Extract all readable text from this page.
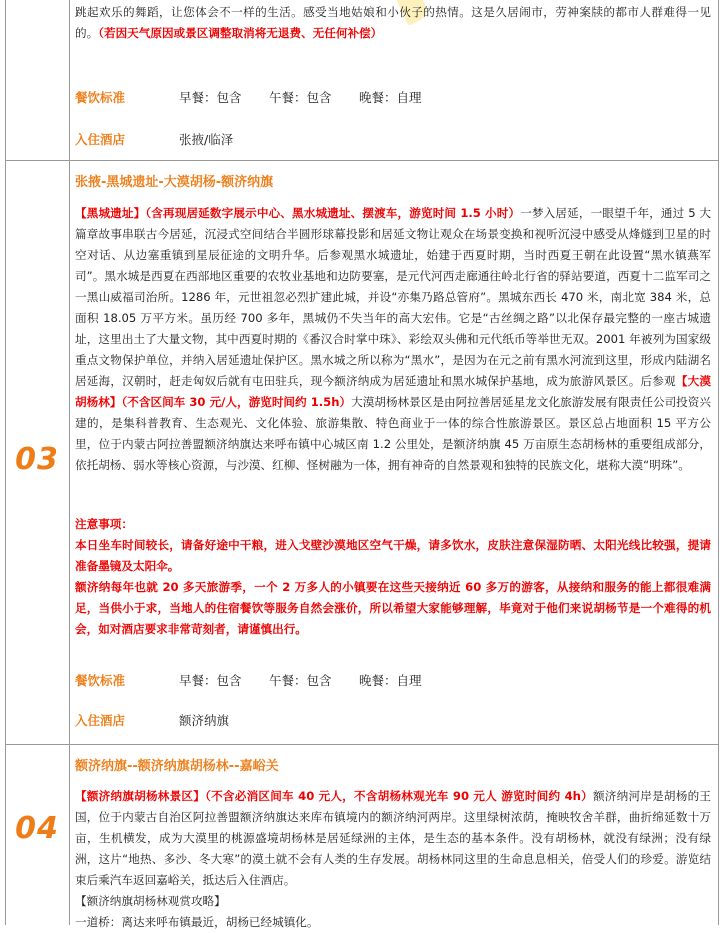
跳起欢乐的舞蹈，让您体会不一样的生活。感受当地姑娘和小伙子的热情。这是久居闹市，劳神案牍的都市人群难得一见的。（若因天气原因或景区调整取消将无退费、无任何补偿）

餐饮标准	早餐：包含 午餐：包含 晚餐：自理
入住酒店	张掖/临泽
03
张掖-黑城遗址-大漠胡杨-额济纳旗

【黑城遗址】（含再现居延数字展示中心、黑水城遗址、摆渡车，游览时间 1.5 小时）一梦入居延，一眼望千年，通过 5 大篇章故事串联古今居延，沉浸式空间结合半圆形球幕投影和居延文物让观众在场景变换和视听沉浸中感受从烽燧到卫星的时空对话、从边塞重镇到星辰征途的文明升华。后参观黑水城遗址，始建于西夏时期，当时西夏王朝在此设置“黑水镇燕军司”。黑水城是西夏在西部地区重要的农牧业基地和边防要塞，是元代河西走廊通往岭北行省的驿站要道，西夏十二监军司之一黑山威福司治所。1286 年，元世祖忽必烈扩建此城，并设“亦集乃路总管府”。黑城东西长 470 米，南北宽 384 米，总面积 18.05 万平方米。虽历经 700 多年，黑城仍不失当年的高大宏伟。它是“古丝绸之路”以北保存最完整的一座古城遗址，这里出土了大量文物，其中西夏时期的《番汉合时掌中珠》、彩绘双头佛和元代纸币等举世无双。2001 年被列为国家级重点文物保护单位，并纳入居延遗址保护区。黑水城之所以称为“黑水”，是因为在元之前有黑水河流到这里，形成内陆湖名居延海，汉朝时，赶走匈奴后就有屯田驻兵，现今额济纳成为居延遗址和黑水城保护基地，成为旅游风景区。后参观【大漠胡杨林】（不含区间车 30 元/人，游览时间约 1.5h）大漠胡杨林景区是由阿拉善居延星龙文化旅游发展有限责任公司投资兴建的，是集科普教育、生态观光、文化体验、旅游集散、特色商业于一体的综合性旅游景区。景区总占地面积 15 平方公里，位于内蒙古阿拉善盟额济纳旗达来呼布镇中心城区南 1.2 公里处，是额济纳旗 45 万亩原生态胡杨林的重要组成部分，依托胡杨、弱水等核心资源，与沙漠、红柳、怪树融为一体，拥有神奇的自然景观和独特的民族文化，堪称大漠“明珠”。

注意事项：

本日坐车时间较长，请备好途中干粮，进入戈壁沙漠地区空气干燥，请多饮水，皮肤注意保湿防晒、太阳光线比较强，提请准备墨镜及太阳伞。

额济纳每年也就 20 多天旅游季，一个 2 万多人的小镇要在这些天接纳近 60 多万的游客，从接纳和服务的能上都很难满足，当供小于求，当地人的住宿餐饮等服务自然会涨价，所以希望大家能够理解，毕竟对于他们来说胡杨节是一个难得的机会，如对酒店要求非常苛刻者，请谨慎出行。

餐饮标准	早餐：包含 午餐：包含 晚餐：自理
入住酒店	额济纳旗
04
额济纳旗--额济纳旗胡杨林--嘉峪关

【额济纳旗胡杨林景区】（不含必消区间车 40 元人，不含胡杨林观光车 90 元人 游览时间约 4h）额济纳河岸是胡杨的王国，位于内蒙古自治区阿拉善盟额济纳旗达来库布镇境内的额济纳河两岸。这里绿树浓荫，掩映牧舍羊群，曲折绵延数十万亩，生机横发，成为大漠里的桃源盛境胡杨林是居延绿洲的主体，是生态的基本条件。没有胡杨林，就没有绿洲；没有绿洲，这片“地热、多沙、冬大寒”的漠土就不会有人类的生存发展。胡杨林同这里的生命息息相关，倍受人们的珍爱。游览结束后乘汽车返回嘉峪关，抵达后入住酒店。

【额济纳旗胡杨林观赏攻略】

一道桥：离达来呼布镇最近，胡杨已经城镇化。
